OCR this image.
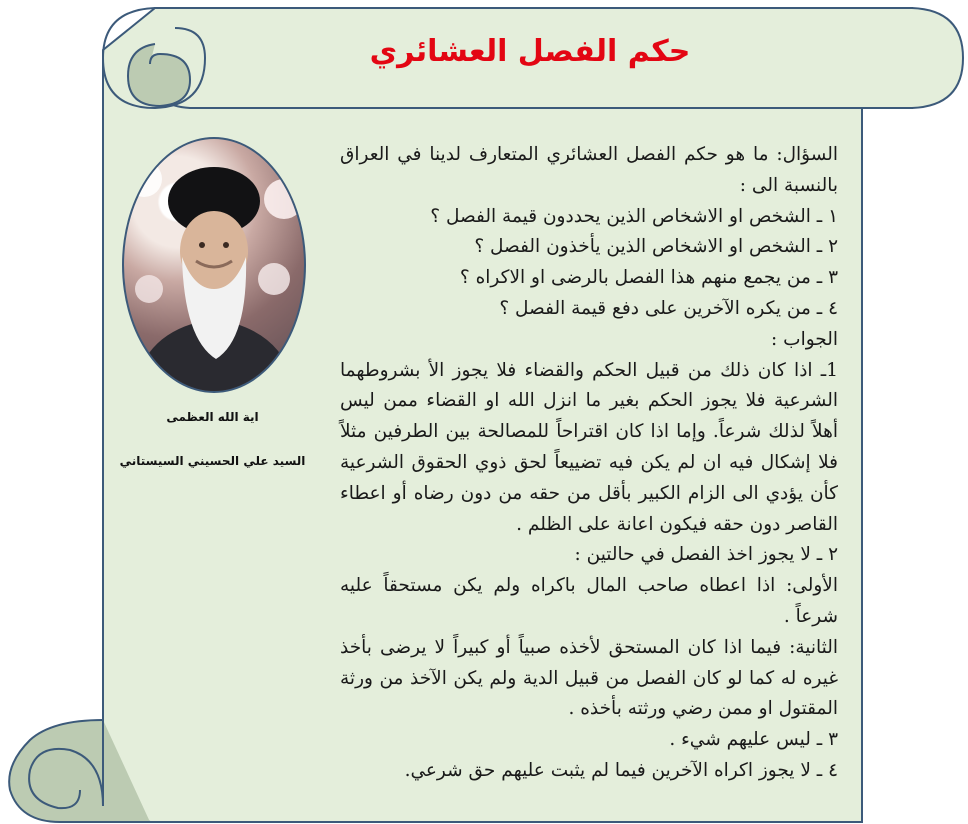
حكم الفصل العشائري
اية الله العظمى
السيد علي الحسيني السيستاني

السؤال: ما هو حكم الفصل العشائري المتعارف لدينا في العراق بالنسبة الى :

١ ـ الشخص او الاشخاص الذين يحددون قيمة الفصل ؟

٢ ـ الشخص او الاشخاص الذين يأخذون الفصل ؟

٣ ـ من يجمع منهم هذا الفصل بالرضى او الاكراه ؟

٤ ـ من يكره الآخرين على دفع قيمة الفصل ؟

الجواب :

1ـ اذا كان ذلك من قبيل الحكم والقضاء فلا يجوز الأ بشروطهما الشرعية فلا يجوز الحكم بغير ما انزل الله او القضاء ممن ليس أهلاً لذلك شرعاً. وإما اذا كان اقتراحاً للمصالحة بين الطرفين مثلاً فلا إشكال فيه ان لم يكن فيه تضييعاً لحق ذوي الحقوق الشرعية كأن يؤدي الى الزام الكبير بأقل من حقه من دون رضاه أو اعطاء القاصر دون حقه فيكون اعانة على الظلم .

٢ ـ لا يجوز اخذ الفصل في حالتين :

الأولى: اذا اعطاه صاحب المال باكراه ولم يكن مستحقاً عليه شرعاً .

الثانية: فيما اذا كان المستحق لأخذه صبياً أو كبيراً لا يرضى بأخذ غيره له كما لو كان الفصل من قبيل الدية ولم يكن الآخذ من ورثة المقتول او ممن رضي ورثته بأخذه .

٣ ـ ليس عليهم شيء .

٤ ـ لا يجوز اكراه الآخرين فيما لم يثبت عليهم حق شرعي.
